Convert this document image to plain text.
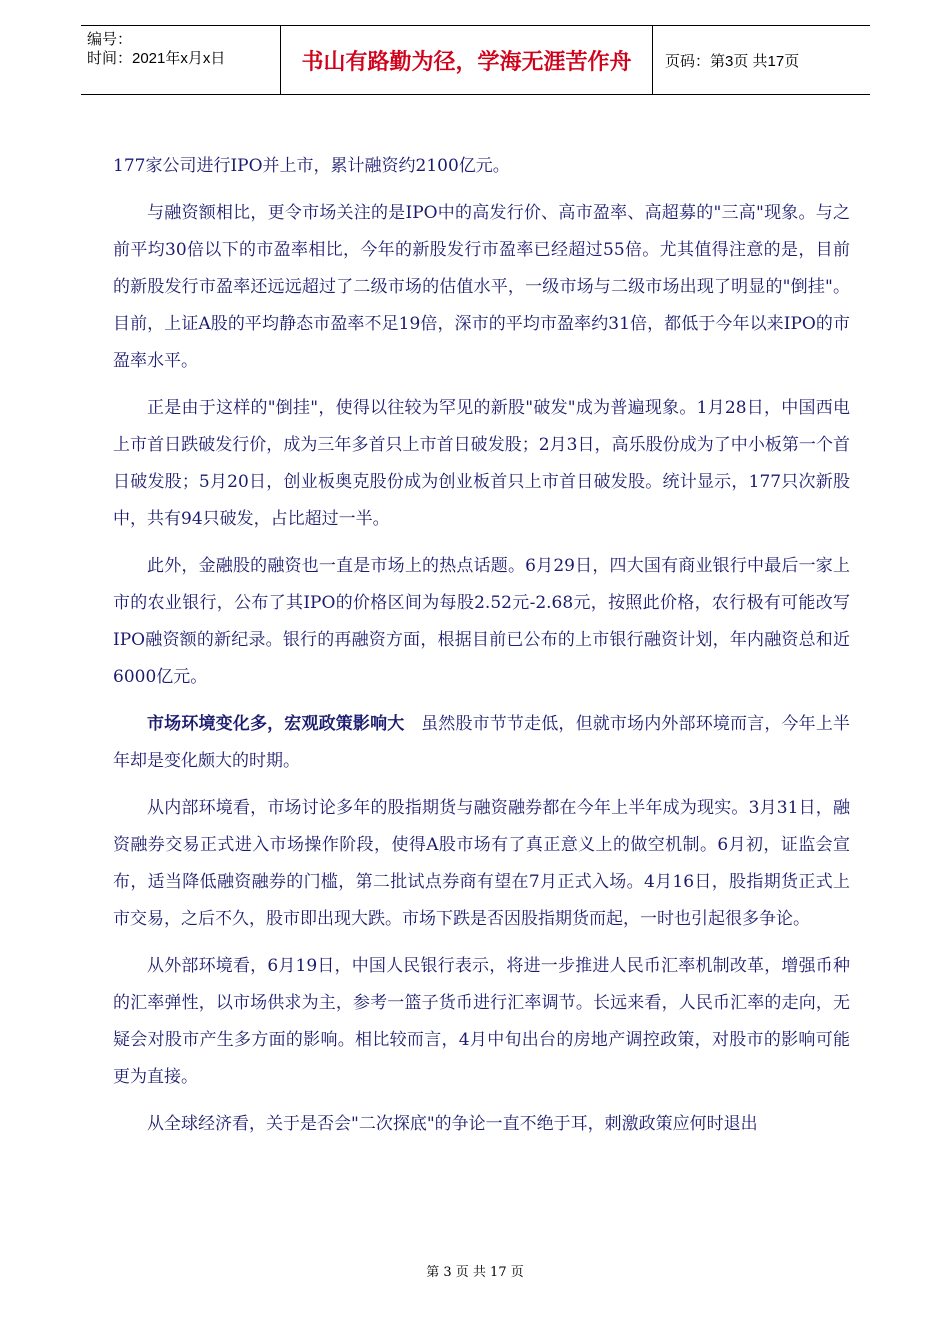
编号：
时间：2021年x月x日	书山有路勤为径，学海无涯苦作舟	页码：第3页 共17页

177家公司进行IPO并上市，累计融资约2100亿元。

与融资额相比，更令市场关注的是IPO中的高发行价、高市盈率、高超募的"三高"现象。与之前平均30倍以下的市盈率相比，今年的新股发行市盈率已经超过55倍。尤其值得注意的是，目前的新股发行市盈率还远远超过了二级市场的估值水平，一级市场与二级市场出现了明显的"倒挂"。目前，上证A股的平均静态市盈率不足19倍，深市的平均市盈率约31倍，都低于今年以来IPO的市盈率水平。

正是由于这样的"倒挂"，使得以往较为罕见的新股"破发"成为普遍现象。1月28日，中国西电上市首日跌破发行价，成为三年多首只上市首日破发股；2月3日，高乐股份成为了中小板第一个首日破发股；5月20日，创业板奥克股份成为创业板首只上市首日破发股。统计显示，177只次新股中，共有94只破发，占比超过一半。

此外，金融股的融资也一直是市场上的热点话题。6月29日，四大国有商业银行中最后一家上市的农业银行，公布了其IPO的价格区间为每股2.52元-2.68元，按照此价格，农行极有可能改写IPO融资额的新纪录。银行的再融资方面，根据目前已公布的上市银行融资计划，年内融资总和近6000亿元。

市场环境变化多，宏观政策影响大 虽然股市节节走低，但就市场内外部环境而言，今年上半年却是变化颇大的时期。

从内部环境看，市场讨论多年的股指期货与融资融券都在今年上半年成为现实。3月31日，融资融券交易正式进入市场操作阶段，使得A股市场有了真正意义上的做空机制。6月初，证监会宣布，适当降低融资融券的门槛，第二批试点券商有望在7月正式入场。4月16日，股指期货正式上市交易，之后不久，股市即出现大跌。市场下跌是否因股指期货而起，一时也引起很多争论。

从外部环境看，6月19日，中国人民银行表示，将进一步推进人民币汇率机制改革，增强币种的汇率弹性，以市场供求为主，参考一篮子货币进行汇率调节。长远来看，人民币汇率的走向，无疑会对股市产生多方面的影响。相比较而言，4月中旬出台的房地产调控政策，对股市的影响可能更为直接。

从全球经济看，关于是否会"二次探底"的争论一直不绝于耳，刺激政策应何时退出

第 3 页 共 17 页
